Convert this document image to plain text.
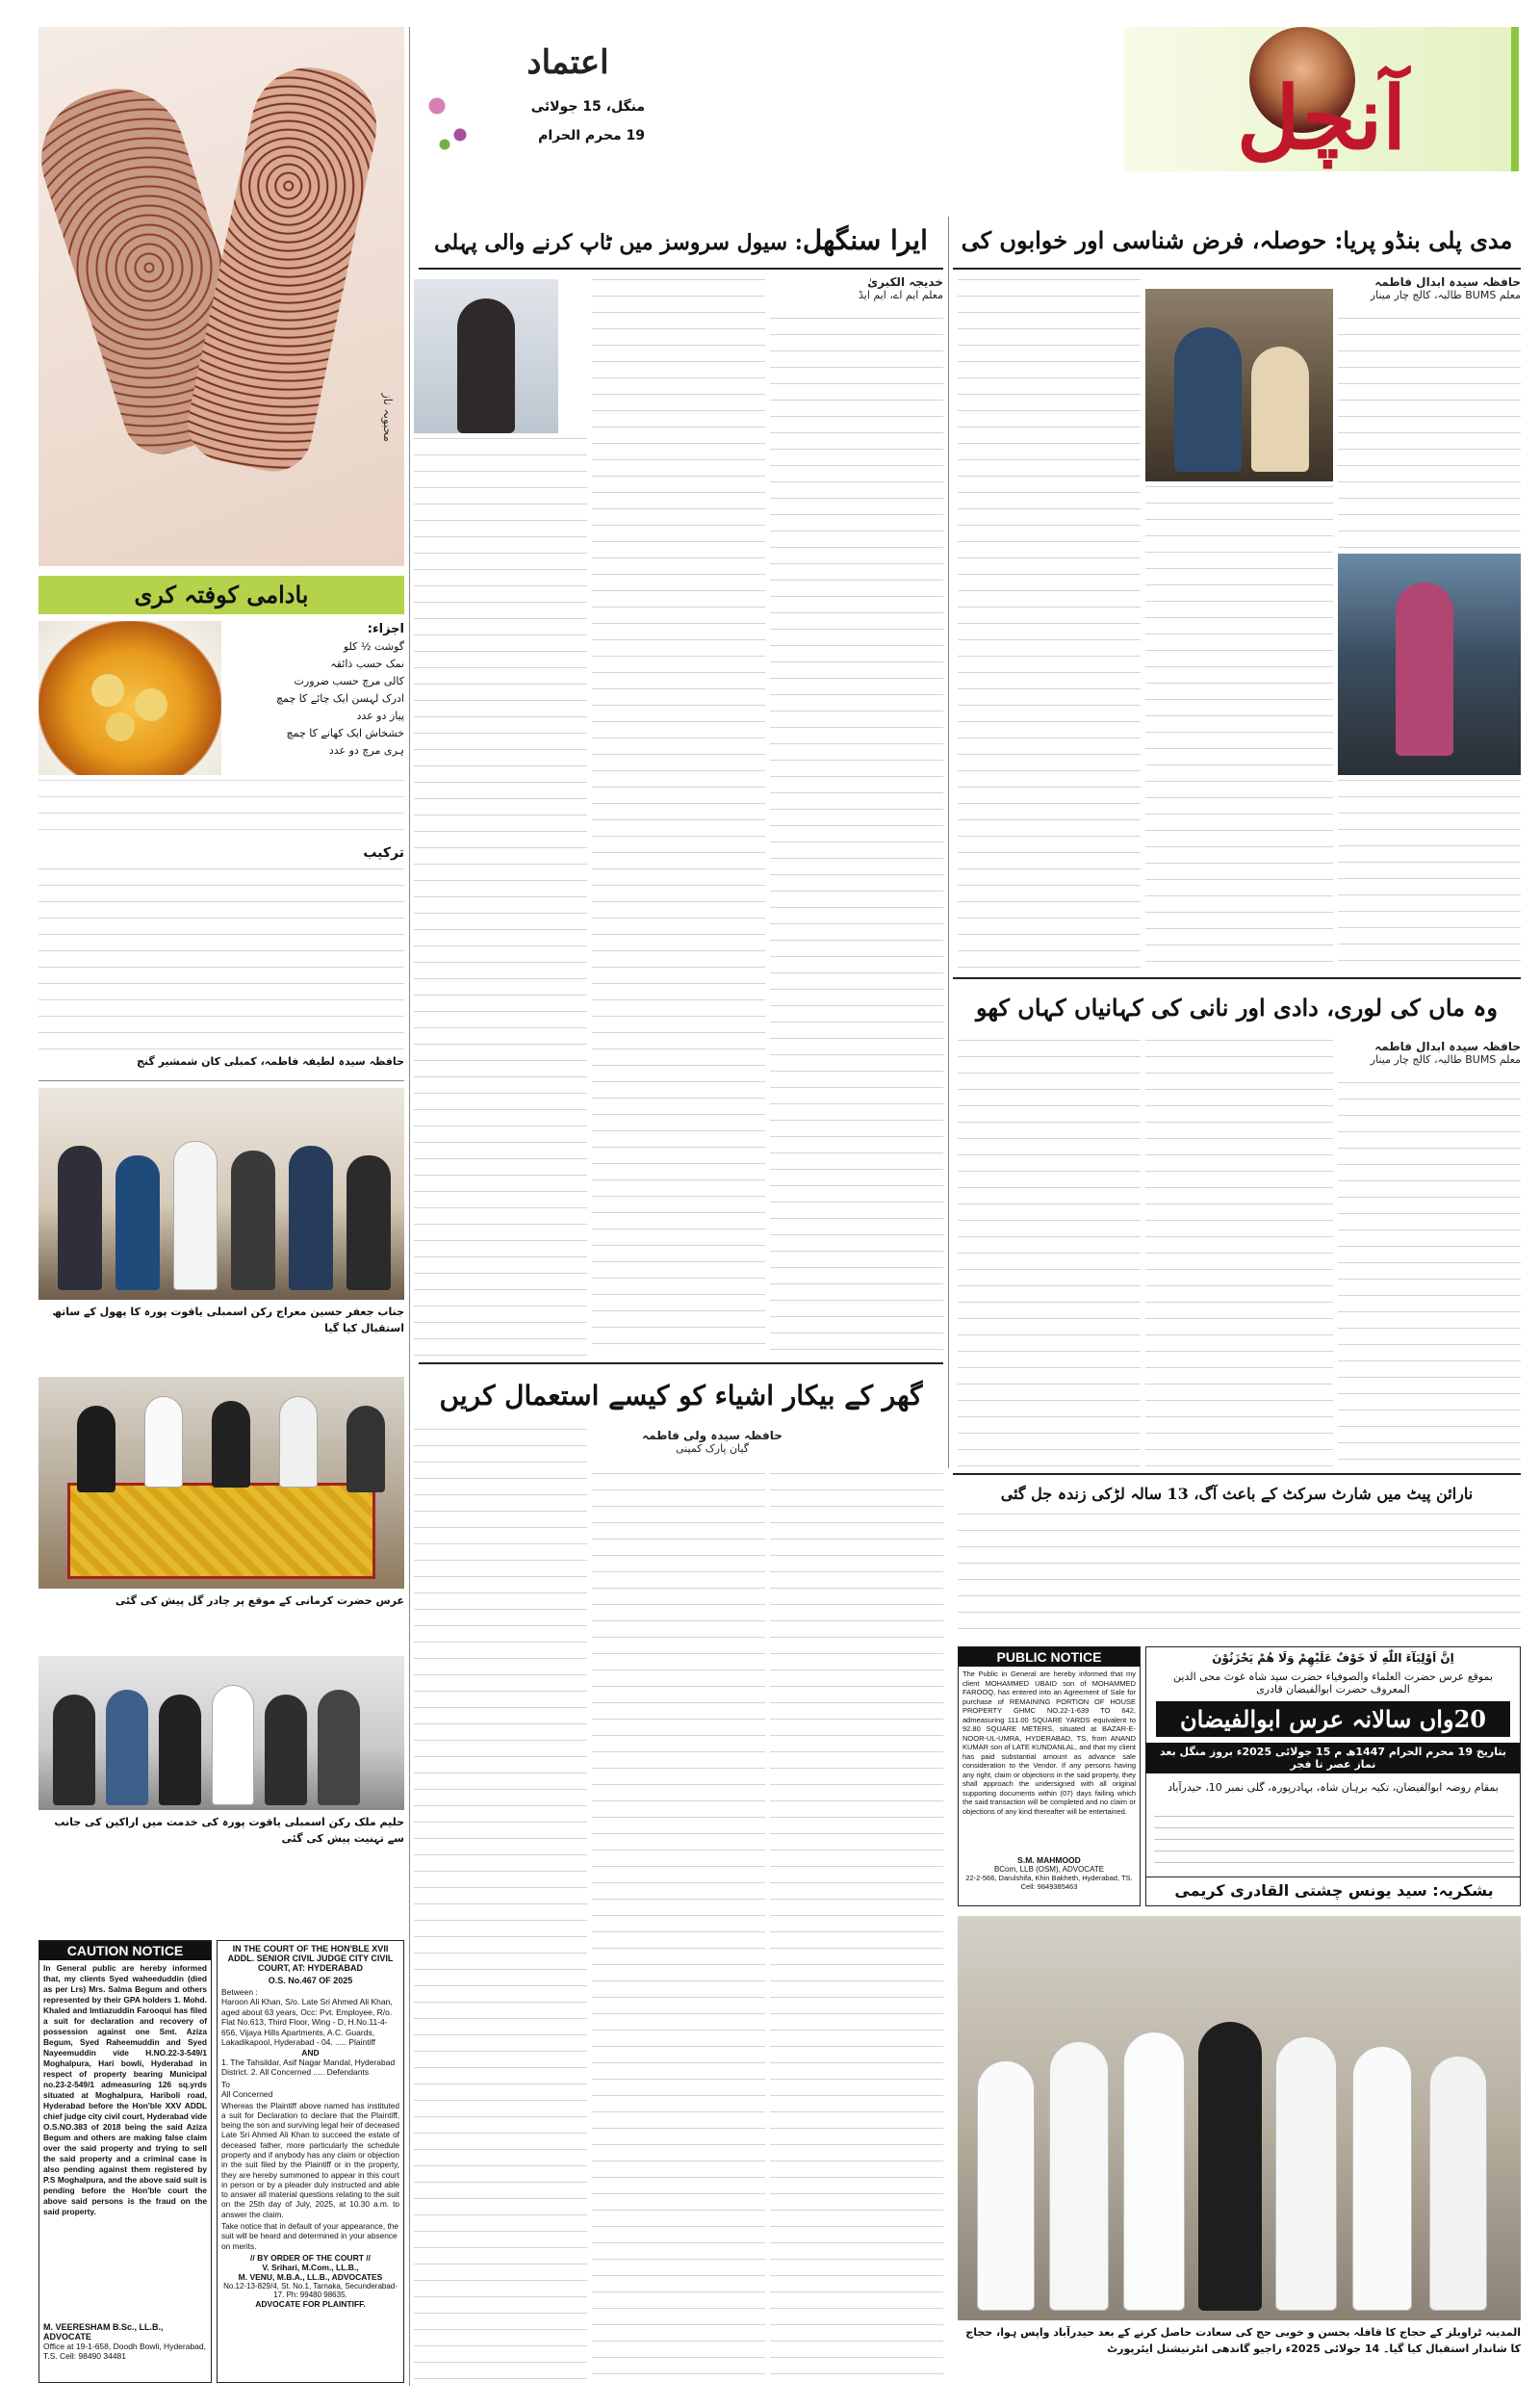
آنچل
اعتماد
منگل، 15 جولائی
19 محرم الحرام
محبوبہ ناز
بادامی کوفتہ کری
اجزاء:
گوشت ½ کلو
نمک حسب ذائقہ
کالی مرچ حسب ضرورت
ادرک لہسن ایک چائے کا چمچ
پیاز دو عدد
خشخاش ایک کھانے کا چمچ
ہری مرچ دو عدد
ترکیب
حافظہ سیدہ لطیفہ فاطمہ، کمبلی کان شمشیر گنج
جناب جعفر حسین معراج رکن اسمبلی یاقوت پورہ کا پھول کے ساتھ استقبال کیا گیا
عرس حضرت کرمانی کے موقع پر چادر گل پیش کی گئی
حلیم ملک رکن اسمبلی یاقوت پورہ کی خدمت میں اراکین کی جانب سے تہنیت پیش کی گئی
CAUTION NOTICE
In General public are hereby informed that, my clients Syed waheeduddin (died as per Lrs) Mrs. Salma Begum and others represented by their GPA holders 1. Mohd. Khaled and Imtiazuddin Farooqui has filed a suit for declaration and recovery of possession against one Smt. Aziza Begum, Syed Raheemuddin and Syed Nayeemuddin vide H.NO.22-3-549/1 Moghalpura, Hari bowli, Hyderabad in respect of property bearing Municipal no.23-2-549/1 admeasuring 126 sq.yrds situated at Moghalpura, Hariboli road, Hyderabad before the Hon'ble XXV ADDL chief judge city civil court, Hyderabad vide O.S.NO.383 of 2018 being the said Aziza Begum and others are making false claim over the said property and trying to sell the said property and a criminal case is also pending against them registered by P.S Moghalpura, and the above said suit is pending before the Hon'ble court the above said persons is the fraud on the said property.
M. VEERESHAM B.Sc., LL.B., ADVOCATE
Office at 19-1-658, Doodh Bowli, Hyderabad, T.S. Cell: 98490 34481
IN THE COURT OF THE HON'BLE XVII ADDL. SENIOR CIVIL JUDGE CITY CIVIL COURT, AT: HYDERABAD
O.S. No.467 OF 2025
Between :
Haroon Ali Khan, S/o. Late Sri Ahmed Ali Khan, aged about 63 years, Occ: Pvt. Employee, R/o. Flat No.613, Third Floor, Wing - D, H.No.11-4-656, Vijaya Hills Apartments, A.C. Guards, Lakadikapool, Hyderabad - 04. ..... Plaintiff
AND
1. The Tahsildar, Asif Nagar Mandal, Hyderabad District. 2. All Concerned ..... Defendants
To
All Concerned
Whereas the Plaintiff above named has instituted a suit for Declaration to declare that the Plaintiff, being the son and surviving legal heir of deceased Late Sri Ahmed Ali Khan to succeed the estate of deceased father, more particularly the schedule property and if anybody has any claim or objection in the suit filed by the Plaintiff or in the property, they are hereby summoned to appear in this court in person or by a pleader duly instructed and able to answer all material questions relating to the suit on the 25th day of July, 2025, at 10.30 a.m. to answer the claim.
Take notice that in default of your appearance, the suit will be heard and determined in your absence on merits.
// BY ORDER OF THE COURT //
V. Srihari, M.Com., LL.B.,
M. VENU, M.B.A., LL.B., ADVOCATES
No.12-13-829/4, St. No.1, Tarnaka, Secunderabad-17. Ph: 99480 98635.
ADVOCATE FOR PLAINTIFF.
مدی پلی بنڈو پریا: حوصلہ، فرض شناسی اور خوابوں کی
حافظہ سیدہ ابدال فاطمہ
معلم BUMS طالبہ، کالج چار مینار
ایرا سنگھل: سیول سروسز میں ٹاپ کرنے والی پہلی
خدیجہ الکبریٰ
معلم ایم اے، ایم ایڈ
وہ ماں کی لوری، دادی اور نانی کی کہانیاں کہاں کھو
حافظہ سیدہ ابدال فاطمہ
معلم BUMS طالبہ، کالج چار مینار
گھر کے بیکار اشیاء کو کیسے استعمال کریں
حافظہ سیدہ ولی فاطمہ
گیان پارک کمپنی
نارائن پیٹ میں شارٹ سرکٹ کے باعث آگ، 13 سالہ لڑکی زندہ جل گئی
اِنَّ اَوْلِيَآءَ اللّٰهِ لَا خَوْفٌ عَلَيْهِمْ وَلَا هُمْ يَحْزَنُوْنَ
بموقع عرس حضرت العلماء والصوفیاء حضرت سید شاہ غوث محی الدین المعروف حضرت ابوالفیضان قادری
20واں سالانہ عرس ابوالفیضان
بتاریخ 19 محرم الحرام 1447ھ م 15 جولائی 2025ء بروز منگل بعد نماز عصر تا فجر
بمقام روضہ ابوالفیضان، تکیہ برہان شاہ، بہادرپورہ، گلی نمبر 10، حیدرآباد
بشکریہ: سید یونس چشتی القادری کریمی
PUBLIC NOTICE
The Public in General are hereby informed that my client MOHAMMED UBAID son of MOHAMMED FAROOQ, has entered into an Agreement of Sale for purchase of REMAINING PORTION OF HOUSE PROPERTY GHMC NO.22-1-639 TO 642, admeasuring 111.00 SQUARE YARDS equivalent to 92.80 SQUARE METERS, situated at BAZAR-E-NOOR-UL-UMRA, HYDERABAD, TS, from ANAND KUMAR son of LATE KUNDANLAL, and that my client has paid substantial amount as advance sale consideration to the Vendor. If any persons having any right, claim or objections in the said property, they shall approach the undersigned with all original supporting documents within (07) days failing which the said transaction will be completed and no claim or objections of any kind thereafter will be entertained.
S.M. MAHMOOD
BCom, LLB (OSM), ADVOCATE
22-2-566, Darulshifa, Khin Bakheth, Hyderabad, TS. Cell: 9849385463
المدینہ ٹراویلز کے حجاج کا قافلہ بحسن و خوبی حج کی سعادت حاصل کرنے کے بعد حیدرآباد واپس ہوا، حجاج کا شاندار استقبال کیا گیا۔ 14 جولائی 2025ء راجیو گاندھی انٹرنیشنل ایئرپورٹ
